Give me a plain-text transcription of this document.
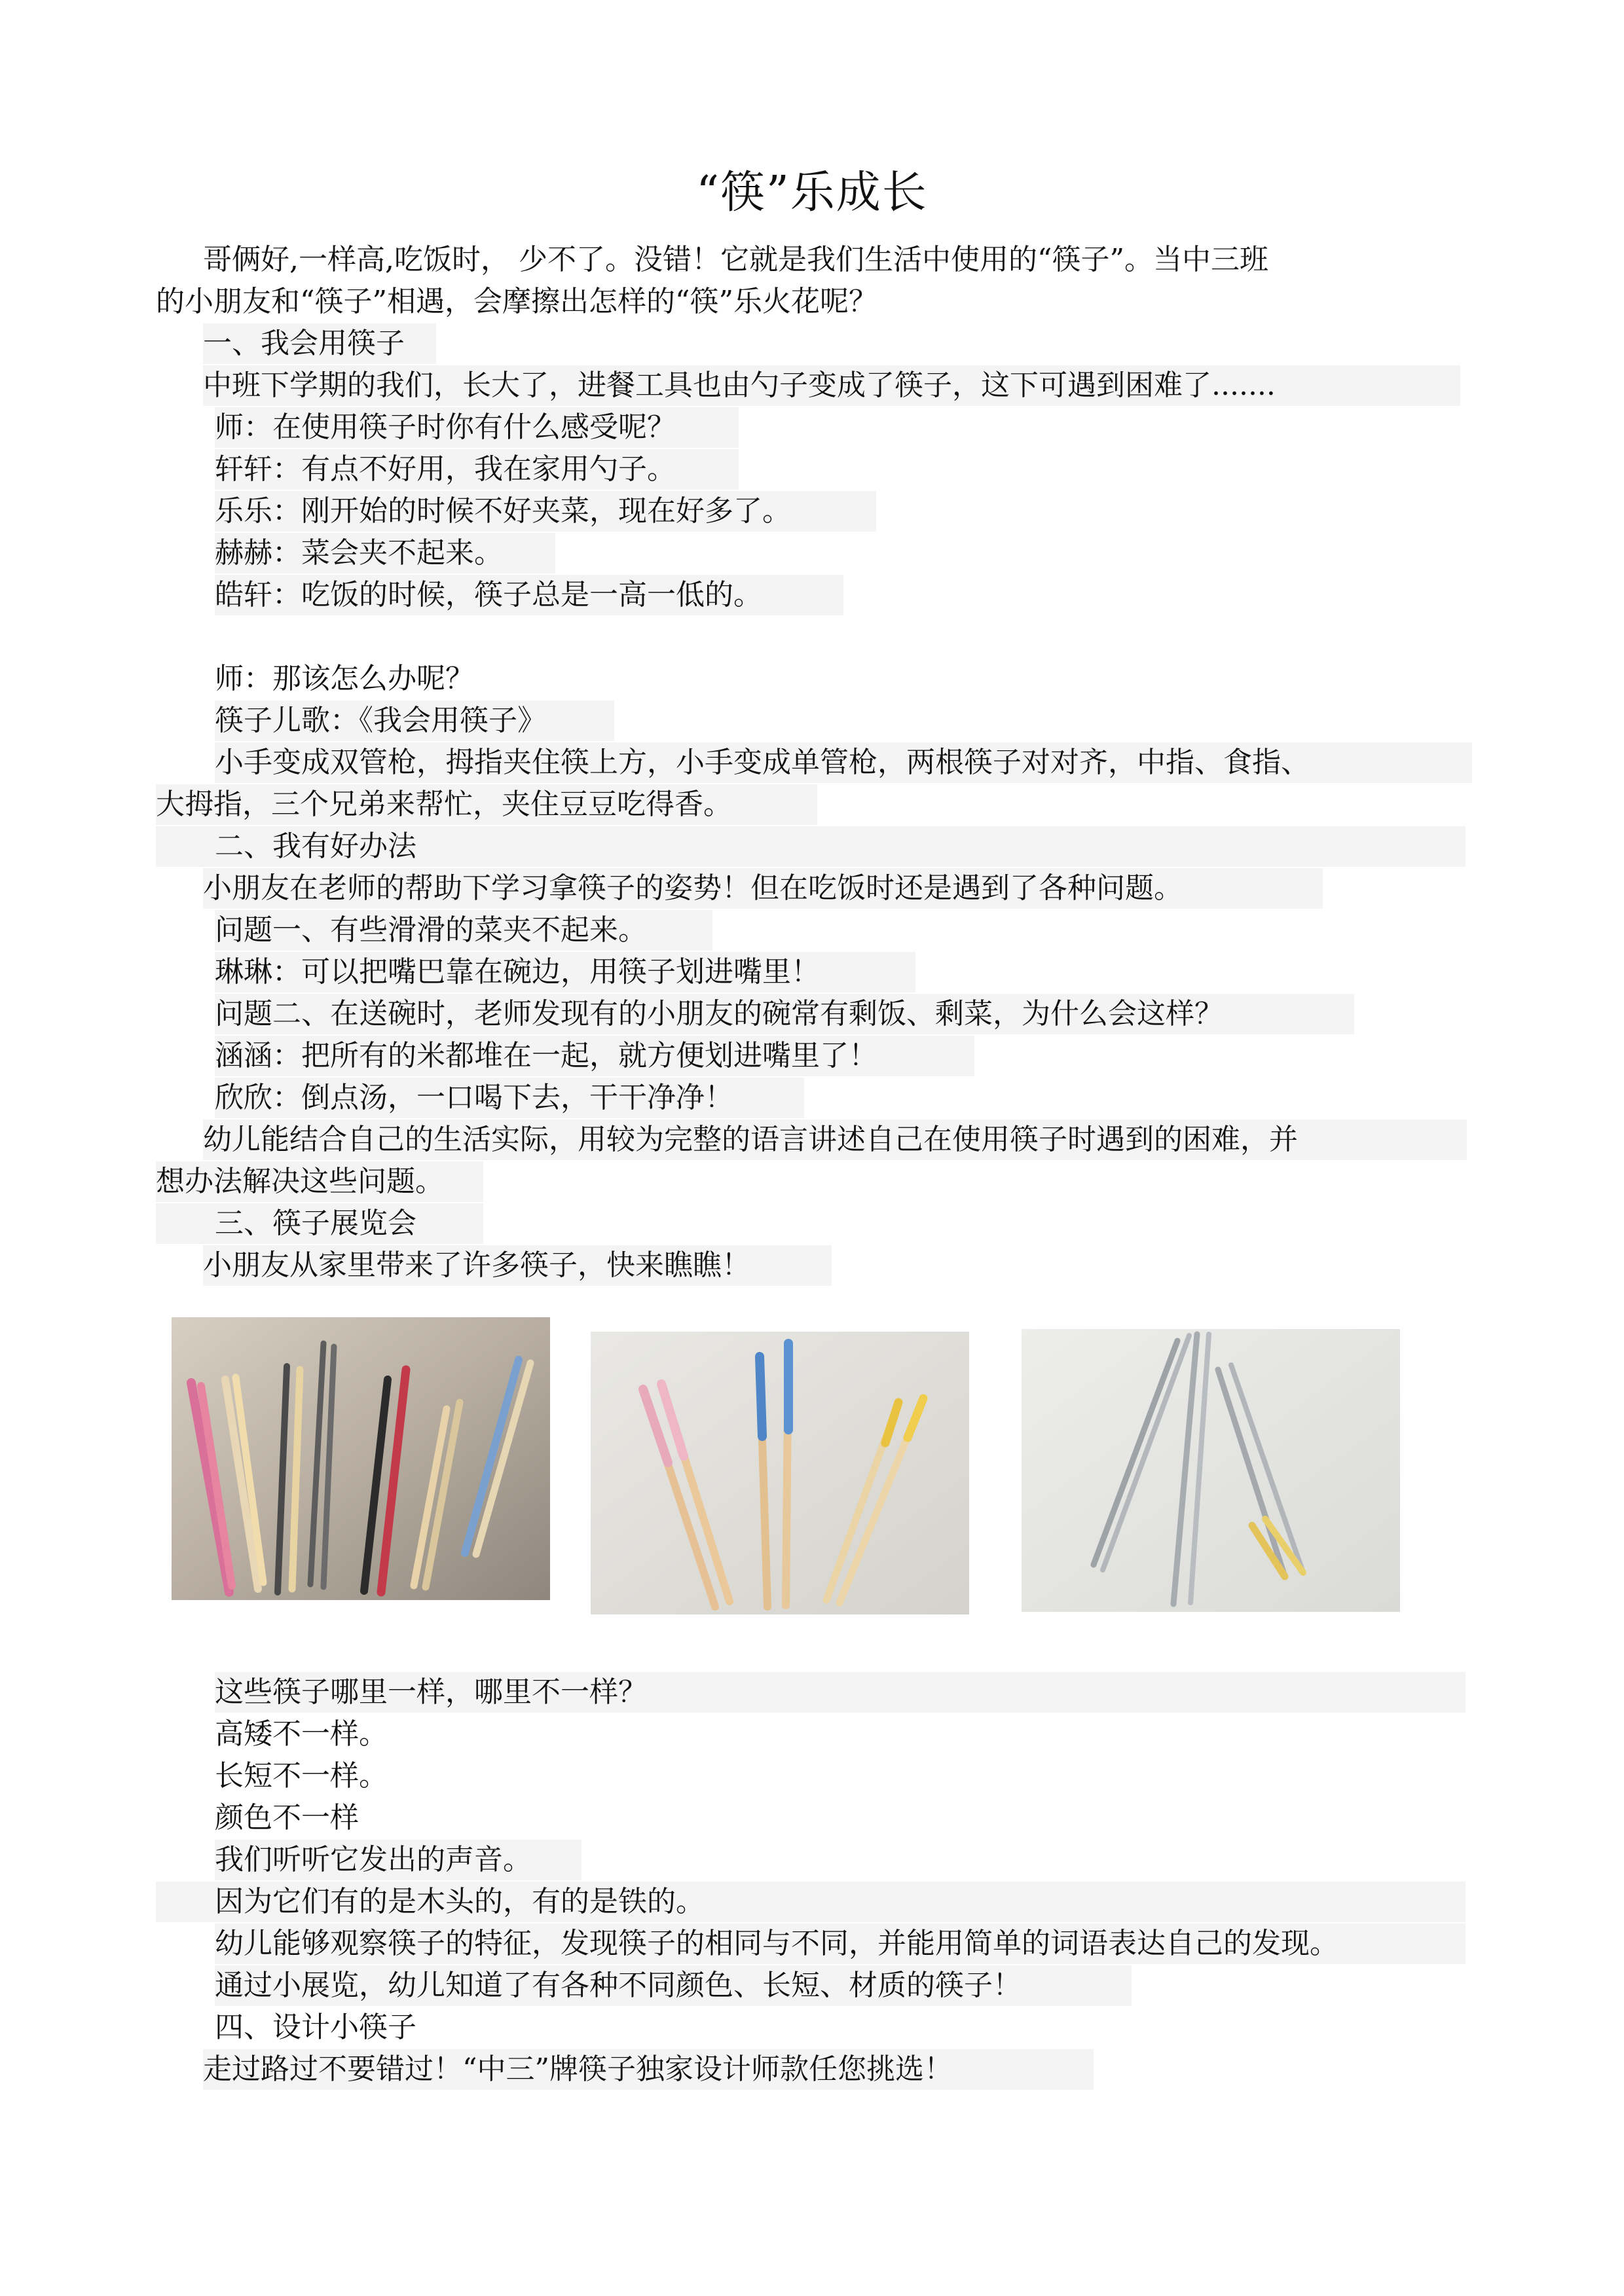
“筷”乐成长
哥俩好,一样高,吃饭时， 少不了。没错！它就是我们生活中使用的“筷子”。当中三班
的小朋友和“筷子”相遇，会摩擦出怎样的“筷”乐火花呢？
一、我会用筷子
中班下学期的我们，长大了，进餐工具也由勺子变成了筷子，这下可遇到困难了.......
师：在使用筷子时你有什么感受呢？
轩轩：有点不好用，我在家用勺子。
乐乐：刚开始的时候不好夹菜，现在好多了。
赫赫：菜会夹不起来。
皓轩：吃饭的时候，筷子总是一高一低的。
师：那该怎么办呢？
筷子儿歌：《我会用筷子》
小手变成双管枪，拇指夹住筷上方，小手变成单管枪，两根筷子对对齐，中指、食指、
大拇指，三个兄弟来帮忙，夹住豆豆吃得香。
二、我有好办法
小朋友在老师的帮助下学习拿筷子的姿势！但在吃饭时还是遇到了各种问题。
问题一、有些滑滑的菜夹不起来。
琳琳：可以把嘴巴靠在碗边，用筷子划进嘴里！
问题二、在送碗时，老师发现有的小朋友的碗常有剩饭、剩菜，为什么会这样？
涵涵：把所有的米都堆在一起，就方便划进嘴里了！
欣欣：倒点汤，一口喝下去，干干净净！
幼儿能结合自己的生活实际，用较为完整的语言讲述自己在使用筷子时遇到的困难，并
想办法解决这些问题。
三、筷子展览会
小朋友从家里带来了许多筷子，快来瞧瞧！
这些筷子哪里一样，哪里不一样？
高矮不一样。
长短不一样。
颜色不一样
我们听听它发出的声音。
因为它们有的是木头的，有的是铁的。
幼儿能够观察筷子的特征，发现筷子的相同与不同，并能用简单的词语表达自己的发现。
通过小展览，幼儿知道了有各种不同颜色、长短、材质的筷子！
四、设计小筷子
走过路过不要错过！“中三”牌筷子独家设计师款任您挑选！
